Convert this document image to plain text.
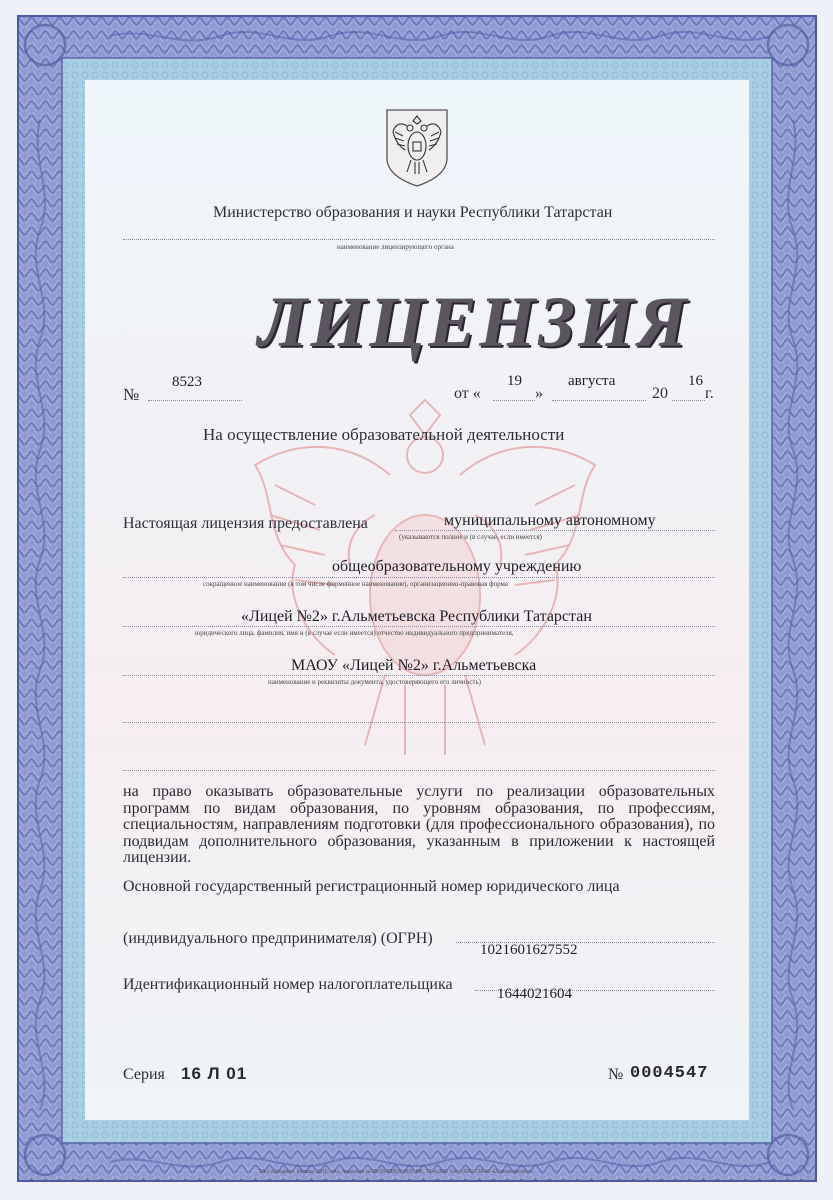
Министерство образования и науки Республики Татарстан
наименование лицензирующего органа
ЛИЦЕНЗИЯ
№
8523
от «
19
»
августа
20
16
г.
На осуществление образовательной деятельности
Настоящая лицензия предоставлена	муниципальному автономному
(указываются полное и (в случае, если имеется)
общеобразовательному учреждению
сокращенное наименование (в том числе фирменное наименование), организационно-правовая форма
«Лицей №2» г.Альметьевска Республики Татарстан
юридического лица, фамилия, имя и (в случае если имеется) отчество индивидуального предпринимателя,
МАОУ «Лицей №2» г.Альметьевска
наименование и реквизиты документа, удостоверяющего его личность)
на право оказывать образовательные услуги по реализации образовательных программ по видам образования, по уровням образования, по профессиям, специальностям, направлениям подготовки (для профессионального образования), по подвидам дополнительного образования, указанным в приложении к настоящей лицензии.
Основной государственный регистрационный номер юридического лица
(индивидуального предпринимателя) (ОГРН)
1021601627552
Идентификационный номер налогоплательщика
1644021604
Серия 16 Л 01	№ 0004547
ЗАО «Опцион», Москва, 2015, «А», лицензия № 05-05-09/003 ФНС РФ, ТЗ №399. Тел.: (495) 726-47-42, www.opcion.ru
